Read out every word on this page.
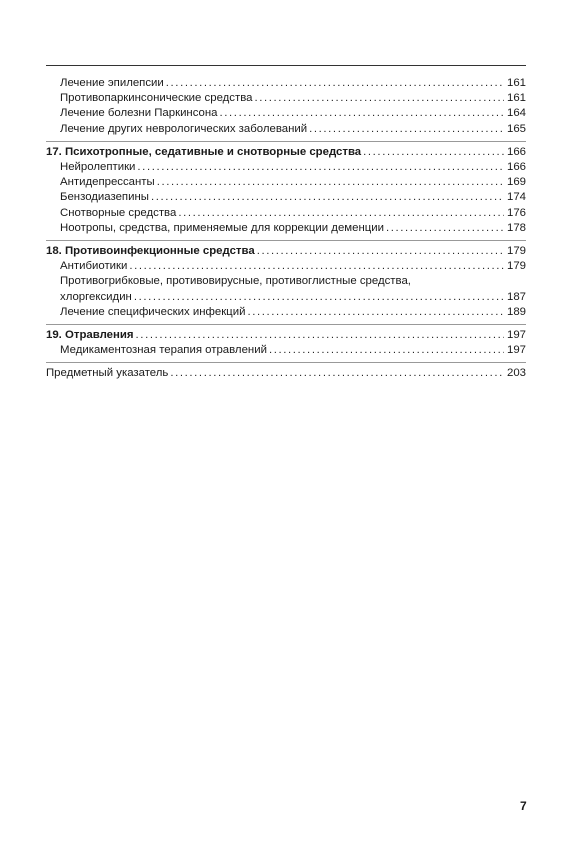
Лечение эпилепсии .....	161
Противопаркинсонические средства .....	161
Лечение болезни Паркинсона .....	164
Лечение других неврологических заболеваний .....	165
17. Психотропные, седативные и снотворные средства .....	166
Нейролептики .....	166
Антидепрессанты .....	169
Бензодиазепины .....	174
Снотворные средства .....	176
Ноотропы, средства, применяемые для коррекции деменции .....	178
18. Противоинфекционные средства .....	179
Антибиотики .....	179
Противогрибковые, противовирусные, противоглистные средства,
хлоргексидин .....	187
Лечение специфических инфекций .....	189
19. Отравления .....	197
Медикаментозная терапия отравлений .....	197
Предметный указатель .....	203
7
